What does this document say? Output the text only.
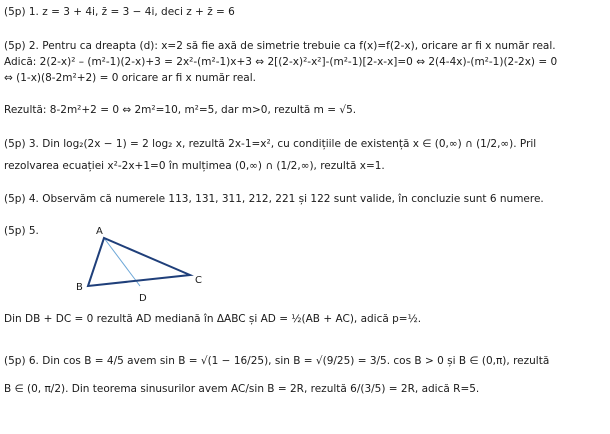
(5p) 1. z = 3 + 4i, z̄ = 3 − 4i, deci z + z̄ = 6
(5p) 2. Pentru ca dreapta (d): x=2 să fie axă de simetrie trebuie ca f(x)=f(2-x), oricare ar fi x număr real.
Adică: 2(2-x)² – (m²-1)(2-x)+3 = 2x²-(m²-1)x+3 ⇔ 2[(2-x)²-x²]-(m²-1)[2-x-x]=0 ⇔ 2(4-4x)-(m²-1)(2-2x) = 0
⇔ (1-x)(8-2m²+2) = 0 oricare ar fi x număr real.
Rezultă: 8-2m²+2 = 0 ⇔ 2m²=10, m²=5, dar m>0, rezultă m = √5.
(5p) 3. Din log₂(2x − 1) = 2 log₂ x, rezultă 2x-1=x², cu condițiile de existență x ∈ (0,∞) ∩ (1/2,∞). Pril
rezolvarea ecuației x²-2x+1=0 în mulțimea (0,∞) ∩ (1/2,∞), rezultă x=1.
(5p) 4. Observăm că numerele 113, 131, 311, 212, 221 și 122 sunt valide, în concluzie sunt 6 numere.
(5p) 5.	A
B
C
D
Din DB + DC = 0 rezultă AD mediană în ΔABC și AD = ½(AB + AC), adică p=½.
(5p) 6. Din cos B = 4/5 avem sin B = √(1 − 16/25), sin B = √(9/25) = 3/5. cos B > 0 și B ∈ (0,π), rezultă
B ∈ (0, π/2). Din teorema sinusurilor avem AC/sin B = 2R, rezultă 6/(3/5) = 2R, adică R=5.
